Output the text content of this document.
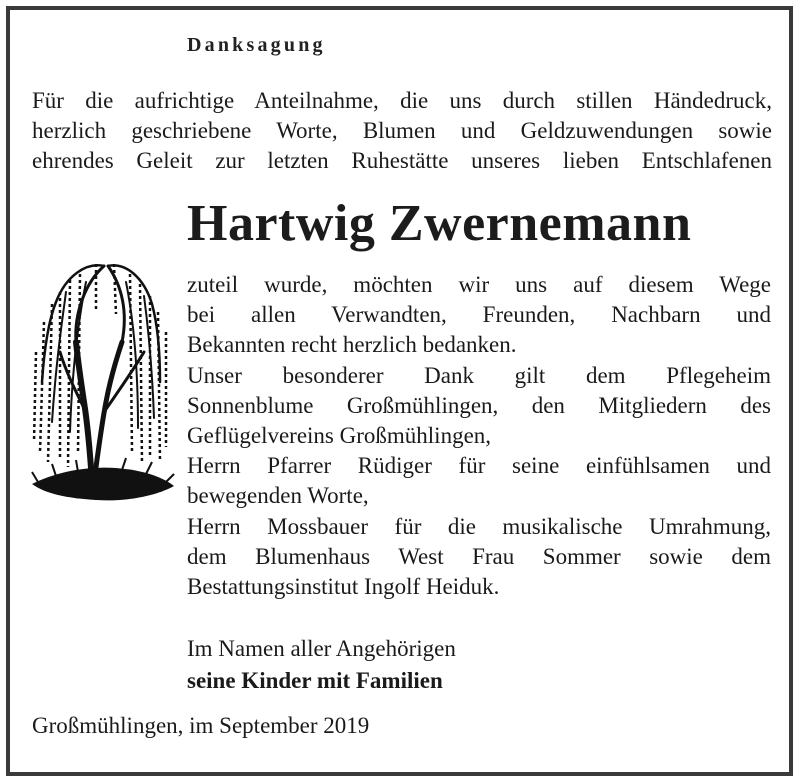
Danksagung
Für die aufrichtige Anteilnahme, die uns durch stillen Händedruck,
herzlich geschriebene Worte, Blumen und Geldzuwendungen sowie
ehrendes Geleit zur letzten Ruhestätte unseres lieben Entschlafenen
Hartwig Zwernemann
zuteil wurde, möchten wir uns auf diesem Wege
bei allen Verwandten, Freunden, Nachbarn und
Bekannten recht herzlich bedanken.
Unser besonderer Dank gilt dem Pflegeheim
Sonnenblume Großmühlingen, den Mitgliedern des
Geflügelvereins Großmühlingen,
Herrn Pfarrer Rüdiger für seine einfühlsamen und
bewegenden Worte,
Herrn Mossbauer für die musikalische Umrahmung,
dem Blumenhaus West Frau Sommer sowie dem
Bestattungsinstitut Ingolf Heiduk.
Im Namen aller Angehörigen
seine Kinder mit Familien
Großmühlingen, im September 2019
